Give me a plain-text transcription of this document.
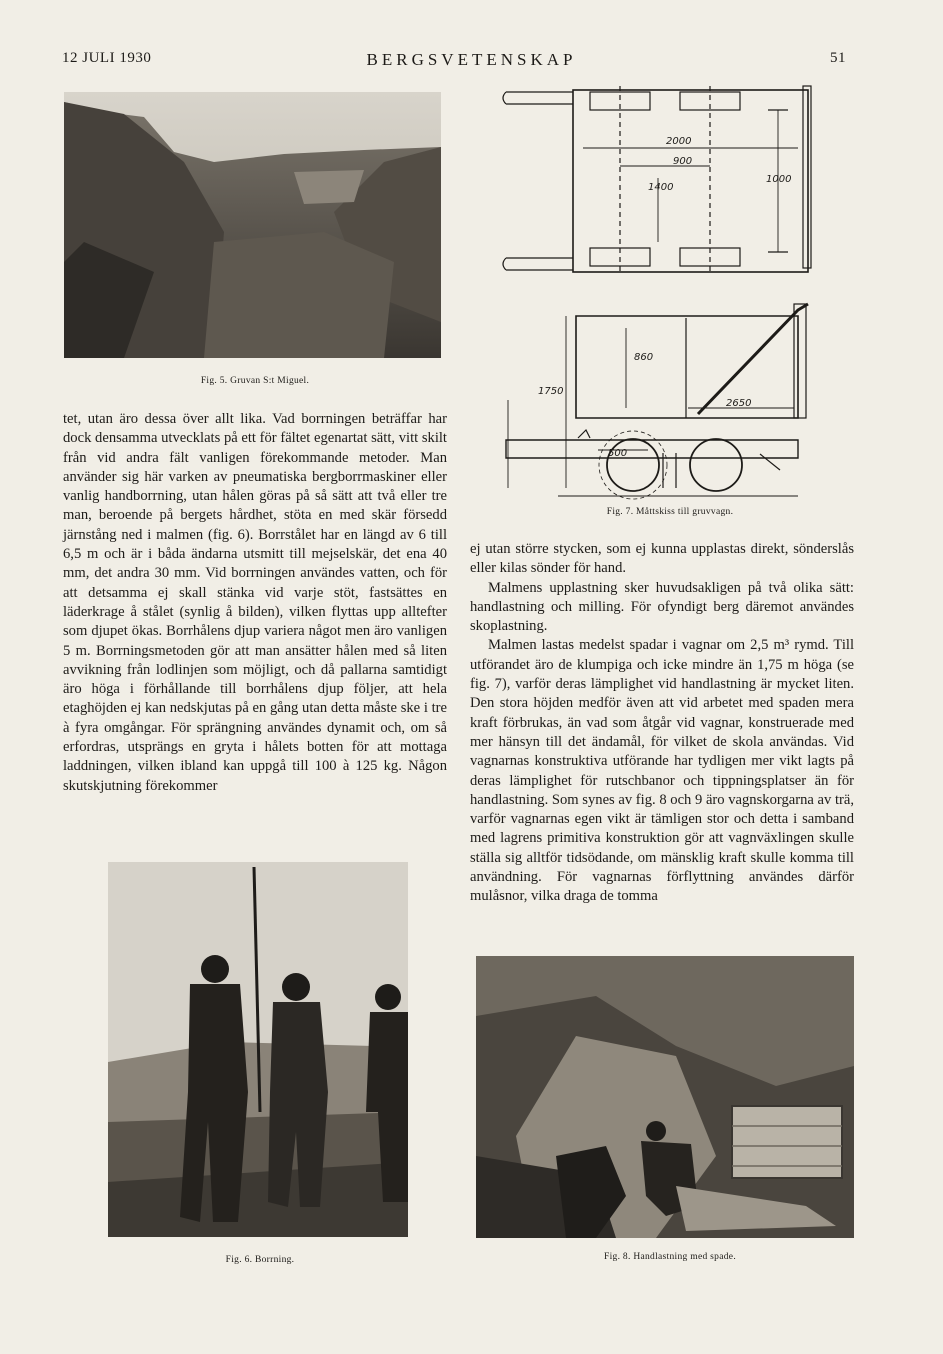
12 JULI 1930	BERGSVETENSKAP	51
Fig. 5. Gruvan S:t Miguel.
2000
900
1400
1000
860
1750
2650
500
Fig. 7. Måttskiss till gruvvagn.

tet, utan äro dessa över allt lika. Vad borrningen beträffar har dock densamma utvecklats på ett för fältet egenartat sätt, vitt skilt från vid andra fält vanligen förekommande metoder. Man använder sig här varken av pneumatiska bergborrmaskiner eller vanlig handborrning, utan hålen göras på så sätt att två eller tre man, beroende på bergets hårdhet, stöta en med skär försedd järnstång ned i malmen (fig. 6). Borrstålet har en längd av 6 till 6,5 m och är i båda ändarna utsmitt till mejselskär, det ena 40 mm, det andra 30 mm. Vid borrningen användes vatten, och för att detsamma ej skall stänka vid varje stöt, fastsättes en läderkrage å stålet (synlig å bilden), vilken flyttas upp alltefter som djupet ökas. Borrhålens djup variera något men äro vanligen 5 m. Borrningsmetoden gör att man ansätter hålen med så liten avvikning från lodlinjen som möjligt, och då pallarna samtidigt äro höga i förhållande till borrhålens djup följer, att hela etaghöjden ej kan nedskjutas på en gång utan detta måste ske i tre à fyra omgångar. För sprängning användes dynamit och, om så erfordras, utsprängs en gryta i hålets botten för att mottaga laddningen, vilken ibland kan uppgå till 100 à 125 kg. Någon skutskjutning förekommer

ej utan större stycken, som ej kunna upplastas direkt, sönderslås eller kilas sönder för hand.

Malmens upplastning sker huvudsakligen på två olika sätt: handlastning och milling. För ofyndigt berg däremot användes skoplastning.

Malmen lastas medelst spadar i vagnar om 2,5 m³ rymd. Till utförandet äro de klumpiga och icke mindre än 1,75 m höga (se fig. 7), varför deras lämplighet vid handlastning är mycket liten. Den stora höjden medför även att vid arbetet med spaden mera kraft förbrukas, än vad som åtgår vid vagnar, konstruerade med mer hänsyn till det ändamål, för vilket de skola användas. Vid vagnarnas konstruktiva utförande har tydligen mer vikt lagts på deras lämplighet för rutschbanor och tippningsplatser än för handlastning. Som synes av fig. 8 och 9 äro vagnskorgarna av trä, varför vagnarnas egen vikt är tämligen stor och detta i samband med lagrens primitiva konstruktion gör att vagnväxlingen skulle ställa sig alltför tidsödande, om mänsklig kraft skulle komma till användning. För vagnarnas förflyttning användes därför mulåsnor, vilka draga de tomma

Fig. 6. Borrning.	Fig. 8. Handlastning med spade.
